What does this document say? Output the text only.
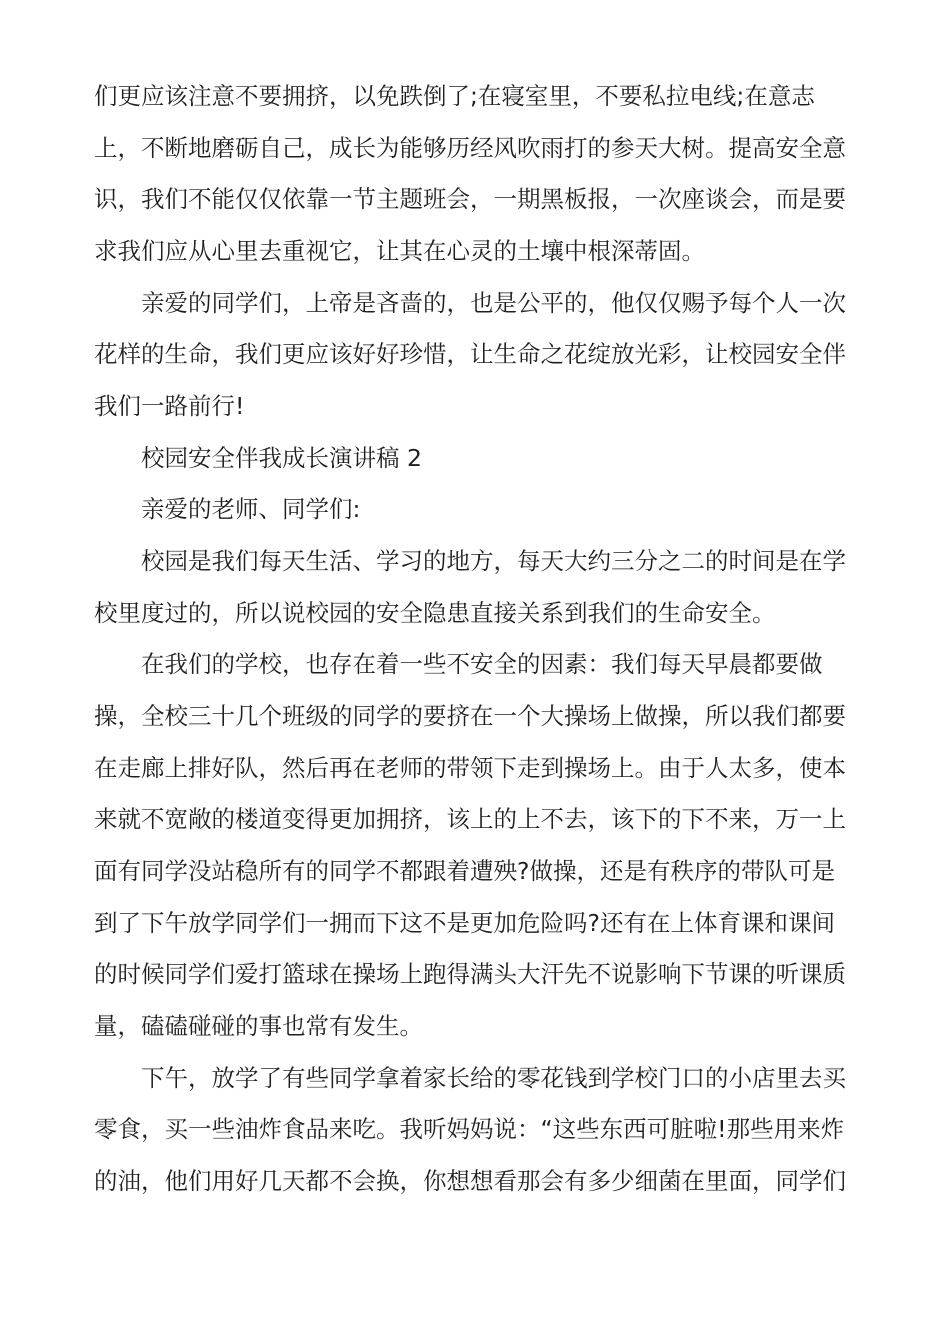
们更应该注意不要拥挤，以免跌倒了;在寝室里，不要私拉电线;在意志
上，不断地磨砺自己，成长为能够历经风吹雨打的参天大树。提高安全意
识，我们不能仅仅依靠一节主题班会，一期黑板报，一次座谈会，而是要
求我们应从心里去重视它，让其在心灵的土壤中根深蒂固。
亲爱的同学们，上帝是吝啬的，也是公平的，他仅仅赐予每个人一次
花样的生命，我们更应该好好珍惜，让生命之花绽放光彩，让校园安全伴
我们一路前行!
校园安全伴我成长演讲稿 2
亲爱的老师、同学们:
校园是我们每天生活、学习的地方，每天大约三分之二的时间是在学
校里度过的，所以说校园的安全隐患直接关系到我们的生命安全。
在我们的学校，也存在着一些不安全的因素：我们每天早晨都要做
操，全校三十几个班级的同学的要挤在一个大操场上做操，所以我们都要
在走廊上排好队，然后再在老师的带领下走到操场上。由于人太多，使本
来就不宽敞的楼道变得更加拥挤，该上的上不去，该下的下不来，万一上
面有同学没站稳所有的同学不都跟着遭殃?做操，还是有秩序的带队可是
到了下午放学同学们一拥而下这不是更加危险吗?还有在上体育课和课间
的时候同学们爱打篮球在操场上跑得满头大汗先不说影响下节课的听课质
量，磕磕碰碰的事也常有发生。
下午，放学了有些同学拿着家长给的零花钱到学校门口的小店里去买
零食，买一些油炸食品来吃。我听妈妈说：“这些东西可脏啦!那些用来炸
的油，他们用好几天都不会换，你想想看那会有多少细菌在里面，同学们
